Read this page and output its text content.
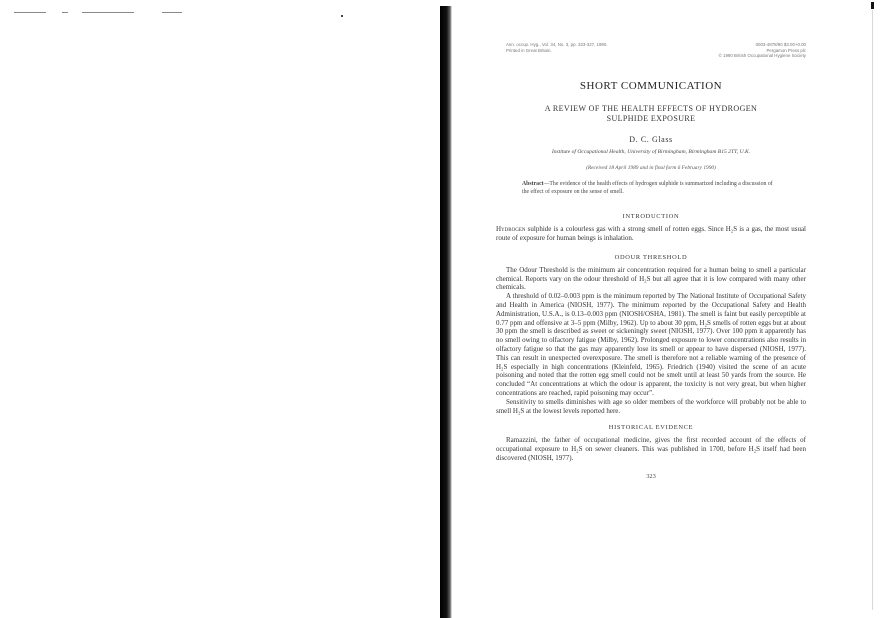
Ann. occup. Hyg., Vol. 34, No. 3, pp. 323-327, 1990.
Printed in Great Britain.
0003-4878/90 $3.00+0.00
Pergamon Press plc
© 1990 British Occupational Hygiene Society
SHORT COMMUNICATION
A REVIEW OF THE HEALTH EFFECTS OF HYDROGEN
SULPHIDE EXPOSURE
D. C. Glass
Institute of Occupational Health, University of Birmingham, Birmingham B15 2TT, U.K.
(Received 18 April 1989 and in final form 6 February 1990)
Abstract—The evidence of the health effects of hydrogen sulphide is summarized including a discussion of the effect of exposure on the sense of smell.
INTRODUCTION

Hydrogen sulphide is a colourless gas with a strong smell of rotten eggs. Since H₂S is a gas, the most usual route of exposure for human beings is inhalation.

ODOUR THRESHOLD

The Odour Threshold is the minimum air concentration required for a human being to smell a particular chemical. Reports vary on the odour threshold of H₂S but all agree that it is low compared with many other chemicals.

A threshold of 0.02–0.003 ppm is the minimum reported by The National Institute of Occupational Safety and Health in America (NIOSH, 1977). The minimum reported by the Occupational Safety and Health Administration, U.S.A., is 0.13–0.003 ppm (NIOSH/OSHA, 1981). The smell is faint but easily perceptible at 0.77 ppm and offensive at 3–5 ppm (Milby, 1962). Up to about 30 ppm, H₂S smells of rotten eggs but at about 30 ppm the smell is described as sweet or sickeningly sweet (NIOSH, 1977). Over 100 ppm it apparently has no smell owing to olfactory fatigue (Milby, 1962). Prolonged exposure to lower concentrations also results in olfactory fatigue so that the gas may apparently lose its smell or appear to have dispersed (NIOSH, 1977). This can result in unexpected overexposure. The smell is therefore not a reliable warning of the presence of H₂S especially in high concentrations (Kleinfeld, 1965). Friedrich (1940) visited the scene of an acute poisoning and noted that the rotten egg smell could not be smelt until at least 50 yards from the source. He concluded “At concentrations at which the odour is apparent, the toxicity is not very great, but when higher concentrations are reached, rapid poisoning may occur”.

Sensitivity to smells diminishes with age so older members of the workforce will probably not be able to smell H₂S at the lowest levels reported here.

HISTORICAL EVIDENCE

Ramazzini, the father of occupational medicine, gives the first recorded account of the effects of occupational exposure to H₂S on sewer cleaners. This was published in 1700, before H₂S itself had been discovered (NIOSH, 1977).

323
